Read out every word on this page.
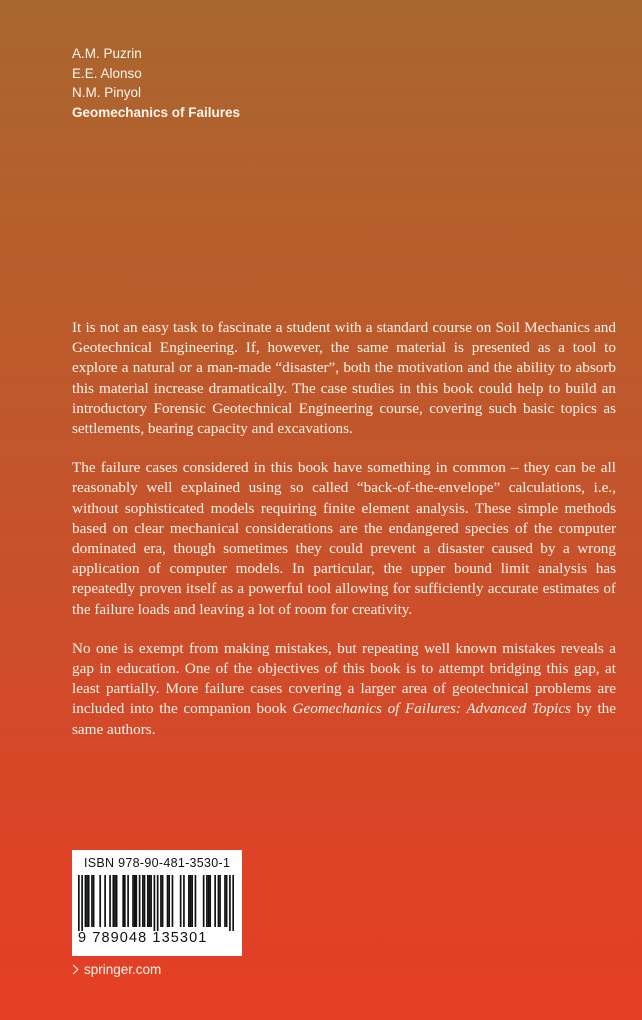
A.M. Puzrin
E.E. Alonso
N.M. Pinyol
Geomechanics of Failures

It is not an easy task to fascinate a student with a standard course on Soil Mechanics and Geotechnical Engineering. If, however, the same material is presented as a tool to explore a natural or a man-made “disaster”, both the motivation and the ability to absorb this material increase dramatically. The case studies in this book could help to build an introductory Forensic Geotechnical Engineering course, covering such basic topics as settlements, bearing capacity and excavations.

The failure cases considered in this book have something in common – they can be all reasonably well explained using so called “back-of-the-envelope” calculations, i.e., without sophisticated models requiring finite element analysis. These simple methods based on clear mechanical considerations are the endangered species of the computer dominated era, though sometimes they could prevent a disaster caused by a wrong application of computer models. In particular, the upper bound limit analysis has repeatedly proven itself as a powerful tool allowing for sufficiently accurate estimates of the failure loads and leaving a lot of room for creativity.

No one is exempt from making mistakes, but repeating well known mistakes reveals a gap in education. One of the objectives of this book is to attempt bridging this gap, at least partially. More failure cases covering a larger area of geotechnical problems are included into the companion book Geomechanics of Failures: Advanced Topics by the same authors.

ISBN 978-90-481-3530-1
9 789048 135301
springer.com
